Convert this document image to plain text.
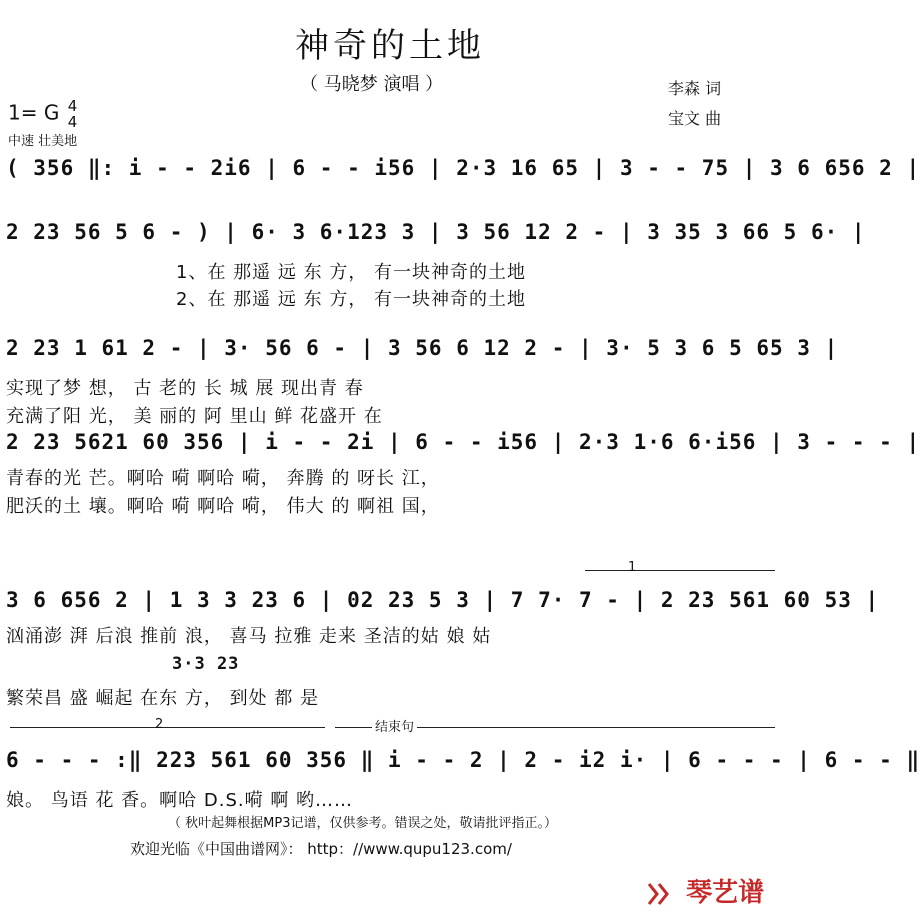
神奇的土地
（ 马晓梦 演唱 ）	李森 词
宝文 曲
1= G 4
4
中速 壮美地
( 356 ‖: i - - 2i6 | 6 - - i56 | 2·3 16 65 | 3 - - 75 | 3 6 656 2 |
2 23 56 5 6 - ) | 6· 3 6·123 3 | 3 56 12 2 - | 3 35 3 66 5 6· |
1、在 那遥 远 东 方， 有一块神奇的土地
2、在 那遥 远 东 方， 有一块神奇的土地
2 23 1 61 2 - | 3· 56 6 - | 3 56 6 12 2 - | 3· 5 3 6 5 65 3 |
实现了梦 想， 古 老的 长 城 展 现出青 春
充满了阳 光， 美 丽的 阿 里山 鲜 花盛开 在
2 23 5621 60 356 | i - - 2i | 6 - - i56 | 2·3 1·6 6·i56 | 3 - - - |
青春的光 芒。啊哈 嗬 啊哈 嗬， 奔腾 的 呀长 江，
肥沃的土 壤。啊哈 嗬 啊哈 嗬， 伟大 的 啊祖 国，
1
3 6 656 2 | 1 3 3 23 6 | 02 23 5 3 | 7 7· 7 - | 2 23 561 60 53 |
汹涌澎 湃 后浪 推前 浪， 喜马 拉雅 走来 圣洁的姑 娘 姑
3·3 23
繁荣昌 盛 崛起 在东 方， 到处 都 是
2	结束句
6 - - - :‖ 223 561 60 356 ‖ i - - 2 | 2 - i2 i· | 6 - - - | 6 - - ‖
娘。 鸟语 花 香。啊哈 D.S.嗬 啊 哟……
（ 秋叶起舞根据MP3记谱，仅供参考。错误之处，敬请批评指正。）
欢迎光临《中国曲谱网》： http：//www.qupu123.com/
琴艺谱
